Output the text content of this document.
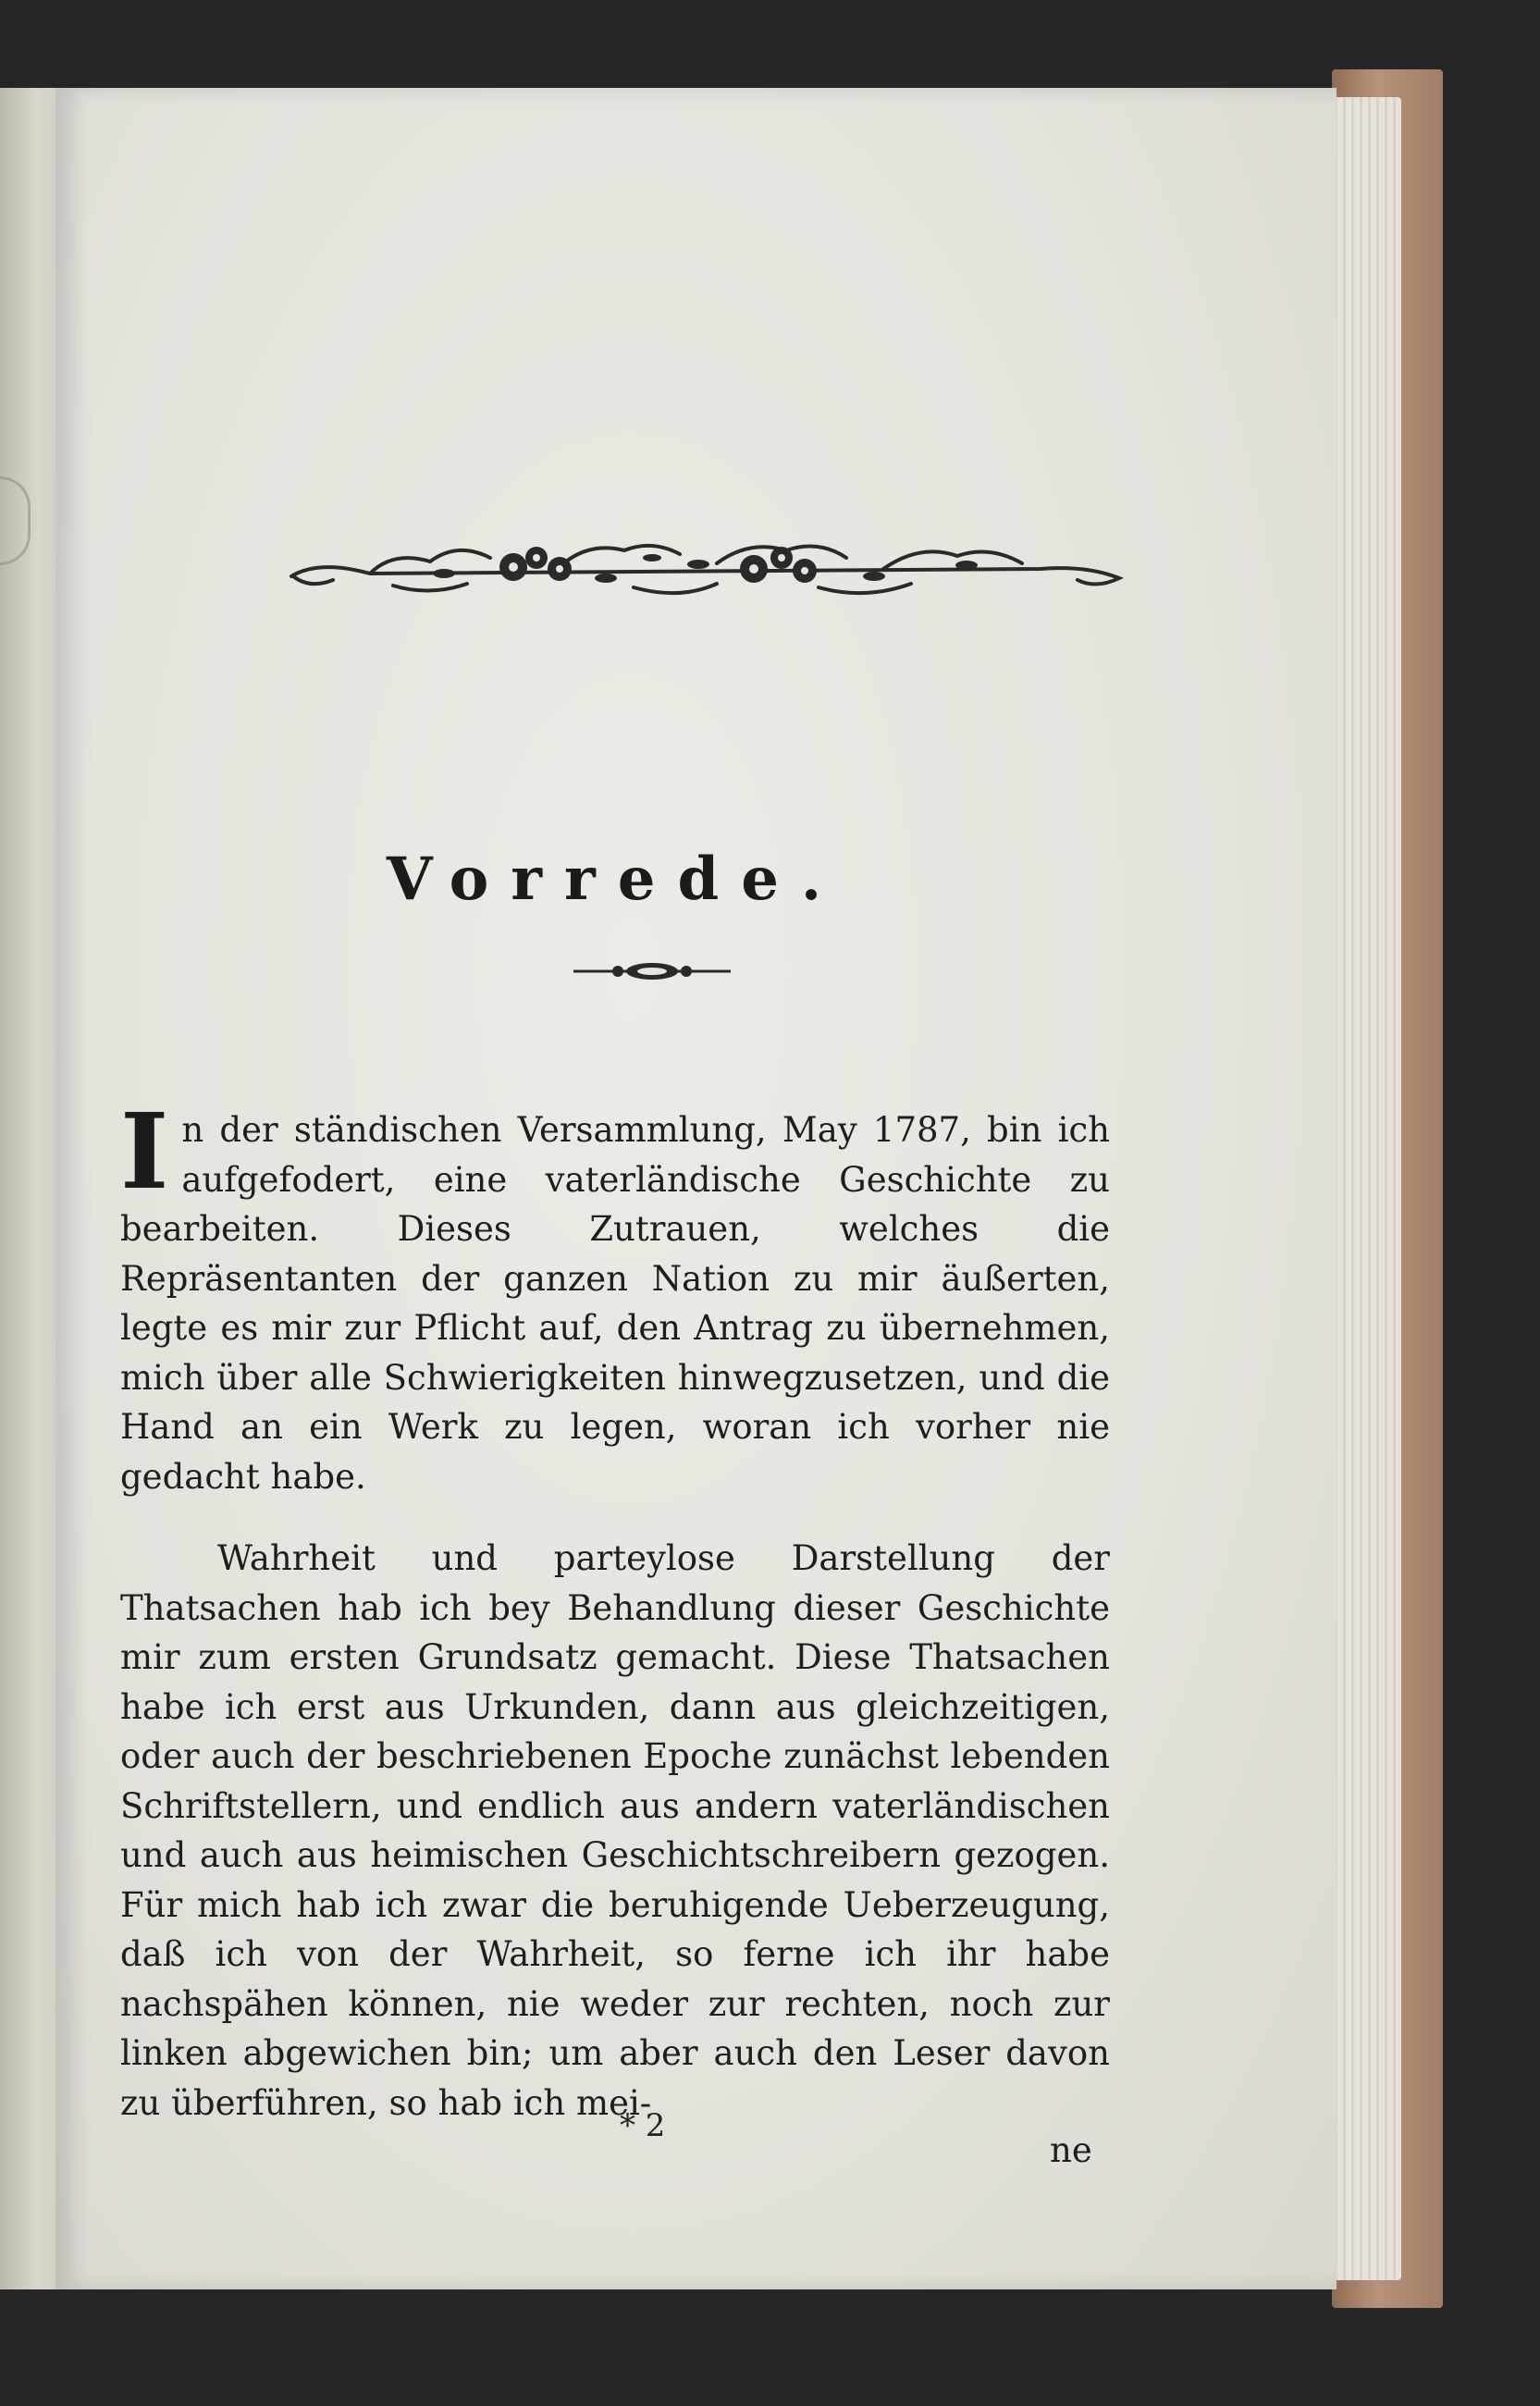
Vorrede.

In der ständischen Versammlung, May 1787, bin ich aufgefodert, eine vaterländische Geschichte zu bearbeiten. Dieses Zutrauen, welches die Repräsentanten der ganzen Nation zu mir äußerten, legte es mir zur Pflicht auf, den Antrag zu übernehmen, mich über alle Schwierigkeiten hinwegzusetzen, und die Hand an ein Werk zu legen, woran ich vorher nie gedacht habe.

Wahrheit und parteylose Darstellung der Thatsachen hab ich bey Behandlung dieser Geschichte mir zum ersten Grundsatz gemacht. Diese Thatsachen habe ich erst aus Urkunden, dann aus gleichzeitigen, oder auch der beschriebenen Epoche zunächst lebenden Schriftstellern, und endlich aus andern vaterländischen und auch aus heimischen Geschichtschreibern gezogen. Für mich hab ich zwar die beruhigende Ueberzeugung, daß ich von der Wahrheit, so ferne ich ihr habe nachspähen können, nie weder zur rechten, noch zur linken abgewichen bin; um aber auch den Leser davon zu überführen, so hab ich mei-

* 2
ne
